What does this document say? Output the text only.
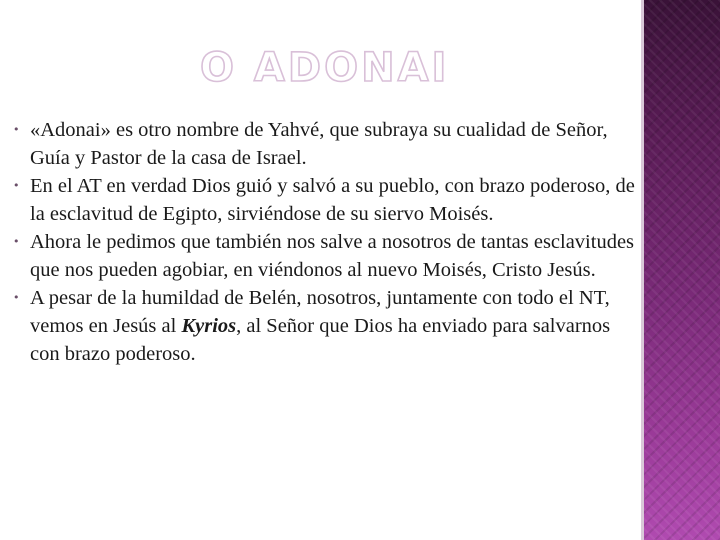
O ADONAI
• «Adonai» es otro nombre de Yahvé, que subraya su cualidad de Señor, Guía y Pastor de la casa de Israel.
• En el AT en verdad Dios guió y salvó a su pueblo, con brazo poderoso, de la esclavitud de Egipto, sirviéndose de su siervo Moisés.
• Ahora le pedimos que también nos salve a nosotros de tantas esclavitudes que nos pueden agobiar, en viéndonos al nuevo Moisés, Cristo Jesús.
• A pesar de la humildad de Belén, nosotros, juntamente con todo el NT, vemos en Jesús al Kyrios, al Señor que Dios ha enviado para salvarnos con brazo poderoso.
